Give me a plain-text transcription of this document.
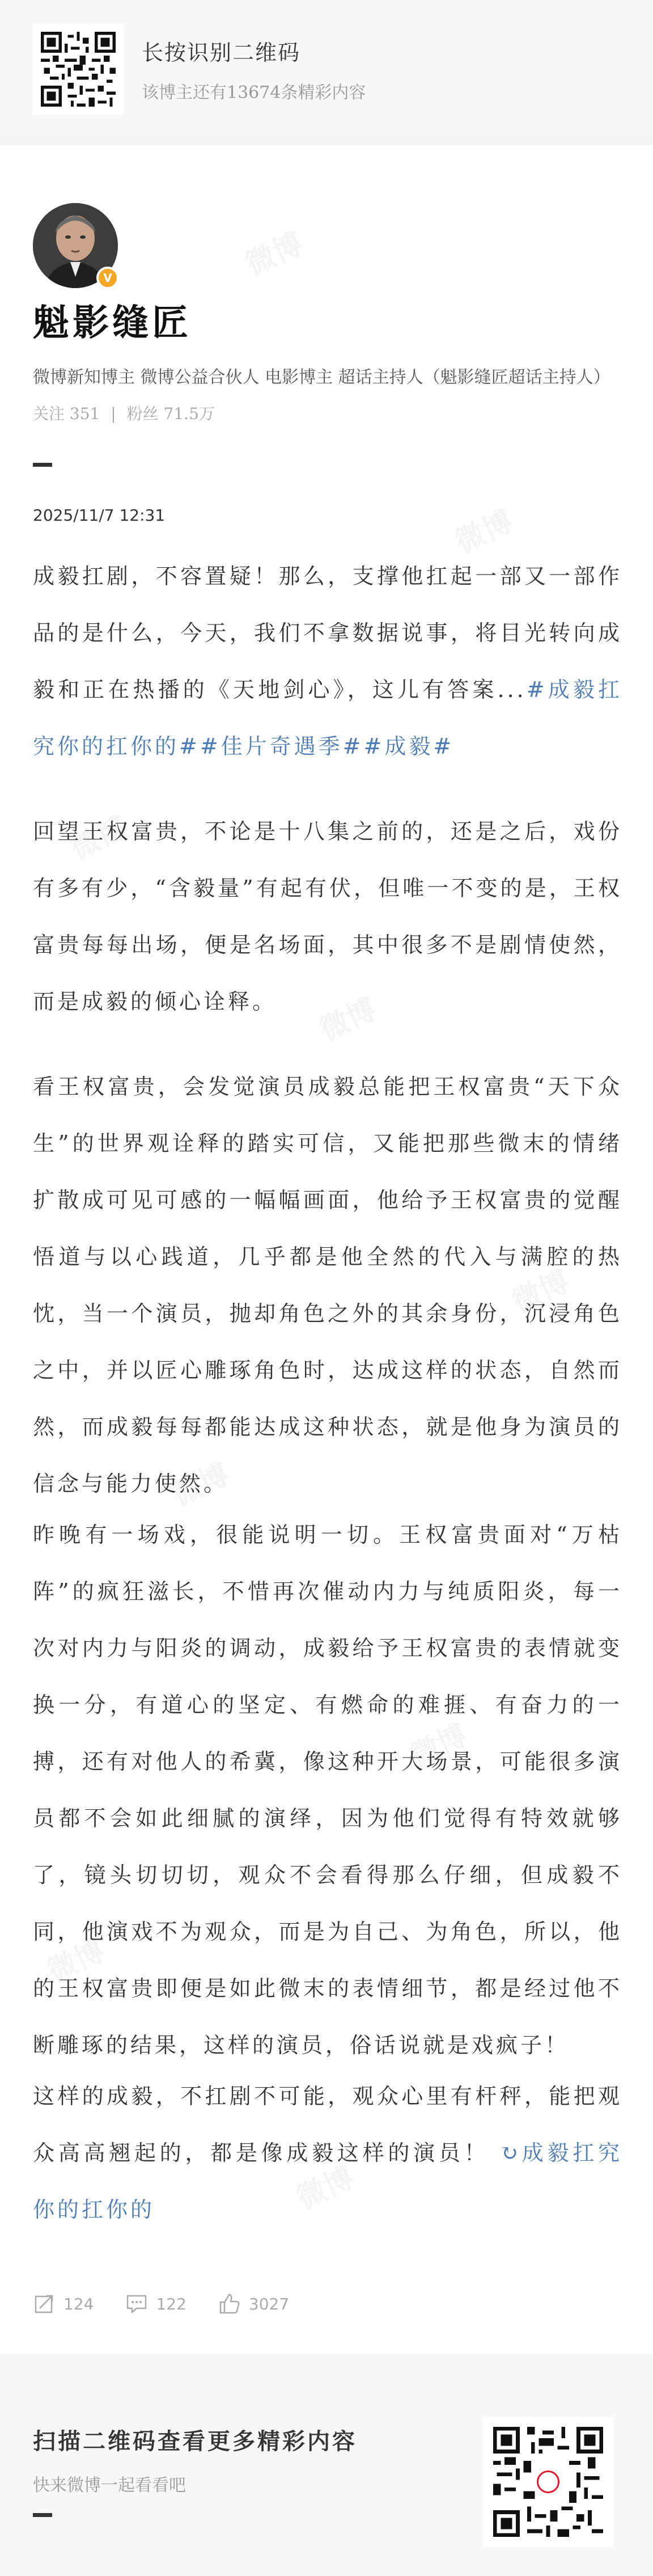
长按识别二维码
该博主还有13674条精彩内容
V
魁影缝匠
微博新知博主 微博公益合伙人 电影博主 超话主持人（魁影缝匠超话主持人）
关注 351 | 粉丝 71.5万
2025/11/7 12:31
成毅扛剧，不容置疑！那么，支撑他扛起一部又一部作品的是什么，今天，我们不拿数据说事，将目光转向成毅和正在热播的《天地剑心》，这儿有答案...#成毅扛究你的扛你的##佳片奇遇季##成毅#
回望王权富贵，不论是十八集之前的，还是之后，戏份有多有少，“含毅量”有起有伏，但唯一不变的是，王权富贵每每出场，便是名场面，其中很多不是剧情使然，而是成毅的倾心诠释。
看王权富贵，会发觉演员成毅总能把王权富贵“天下众生”的世界观诠释的踏实可信，又能把那些微末的情绪扩散成可见可感的一幅幅画面，他给予王权富贵的觉醒悟道与以心践道，几乎都是他全然的代入与满腔的热忱，当一个演员，抛却角色之外的其余身份，沉浸角色之中，并以匠心雕琢角色时，达成这样的状态，自然而然，而成毅每每都能达成这种状态，就是他身为演员的信念与能力使然。
昨晚有一场戏，很能说明一切。王权富贵面对“万枯阵”的疯狂滋长，不惜再次催动内力与纯质阳炎，每一次对内力与阳炎的调动，成毅给予王权富贵的表情就变换一分，有道心的坚定、有燃命的难捱、有奋力的一搏，还有对他人的希冀，像这种开大场景，可能很多演员都不会如此细腻的演绎，因为他们觉得有特效就够了，镜头切切切，观众不会看得那么仔细，但成毅不同，他演戏不为观众，而是为自己、为角色，所以，他的王权富贵即便是如此微末的表情细节，都是经过他不断雕琢的结果，这样的演员，俗话说就是戏疯子！
这样的成毅，不扛剧不可能，观众心里有杆秤，能把观众高高翘起的，都是像成毅这样的演员！ ↻成毅扛究你的扛你的
124	122	3027
扫描二维码查看更多精彩内容
快来微博一起看看吧
